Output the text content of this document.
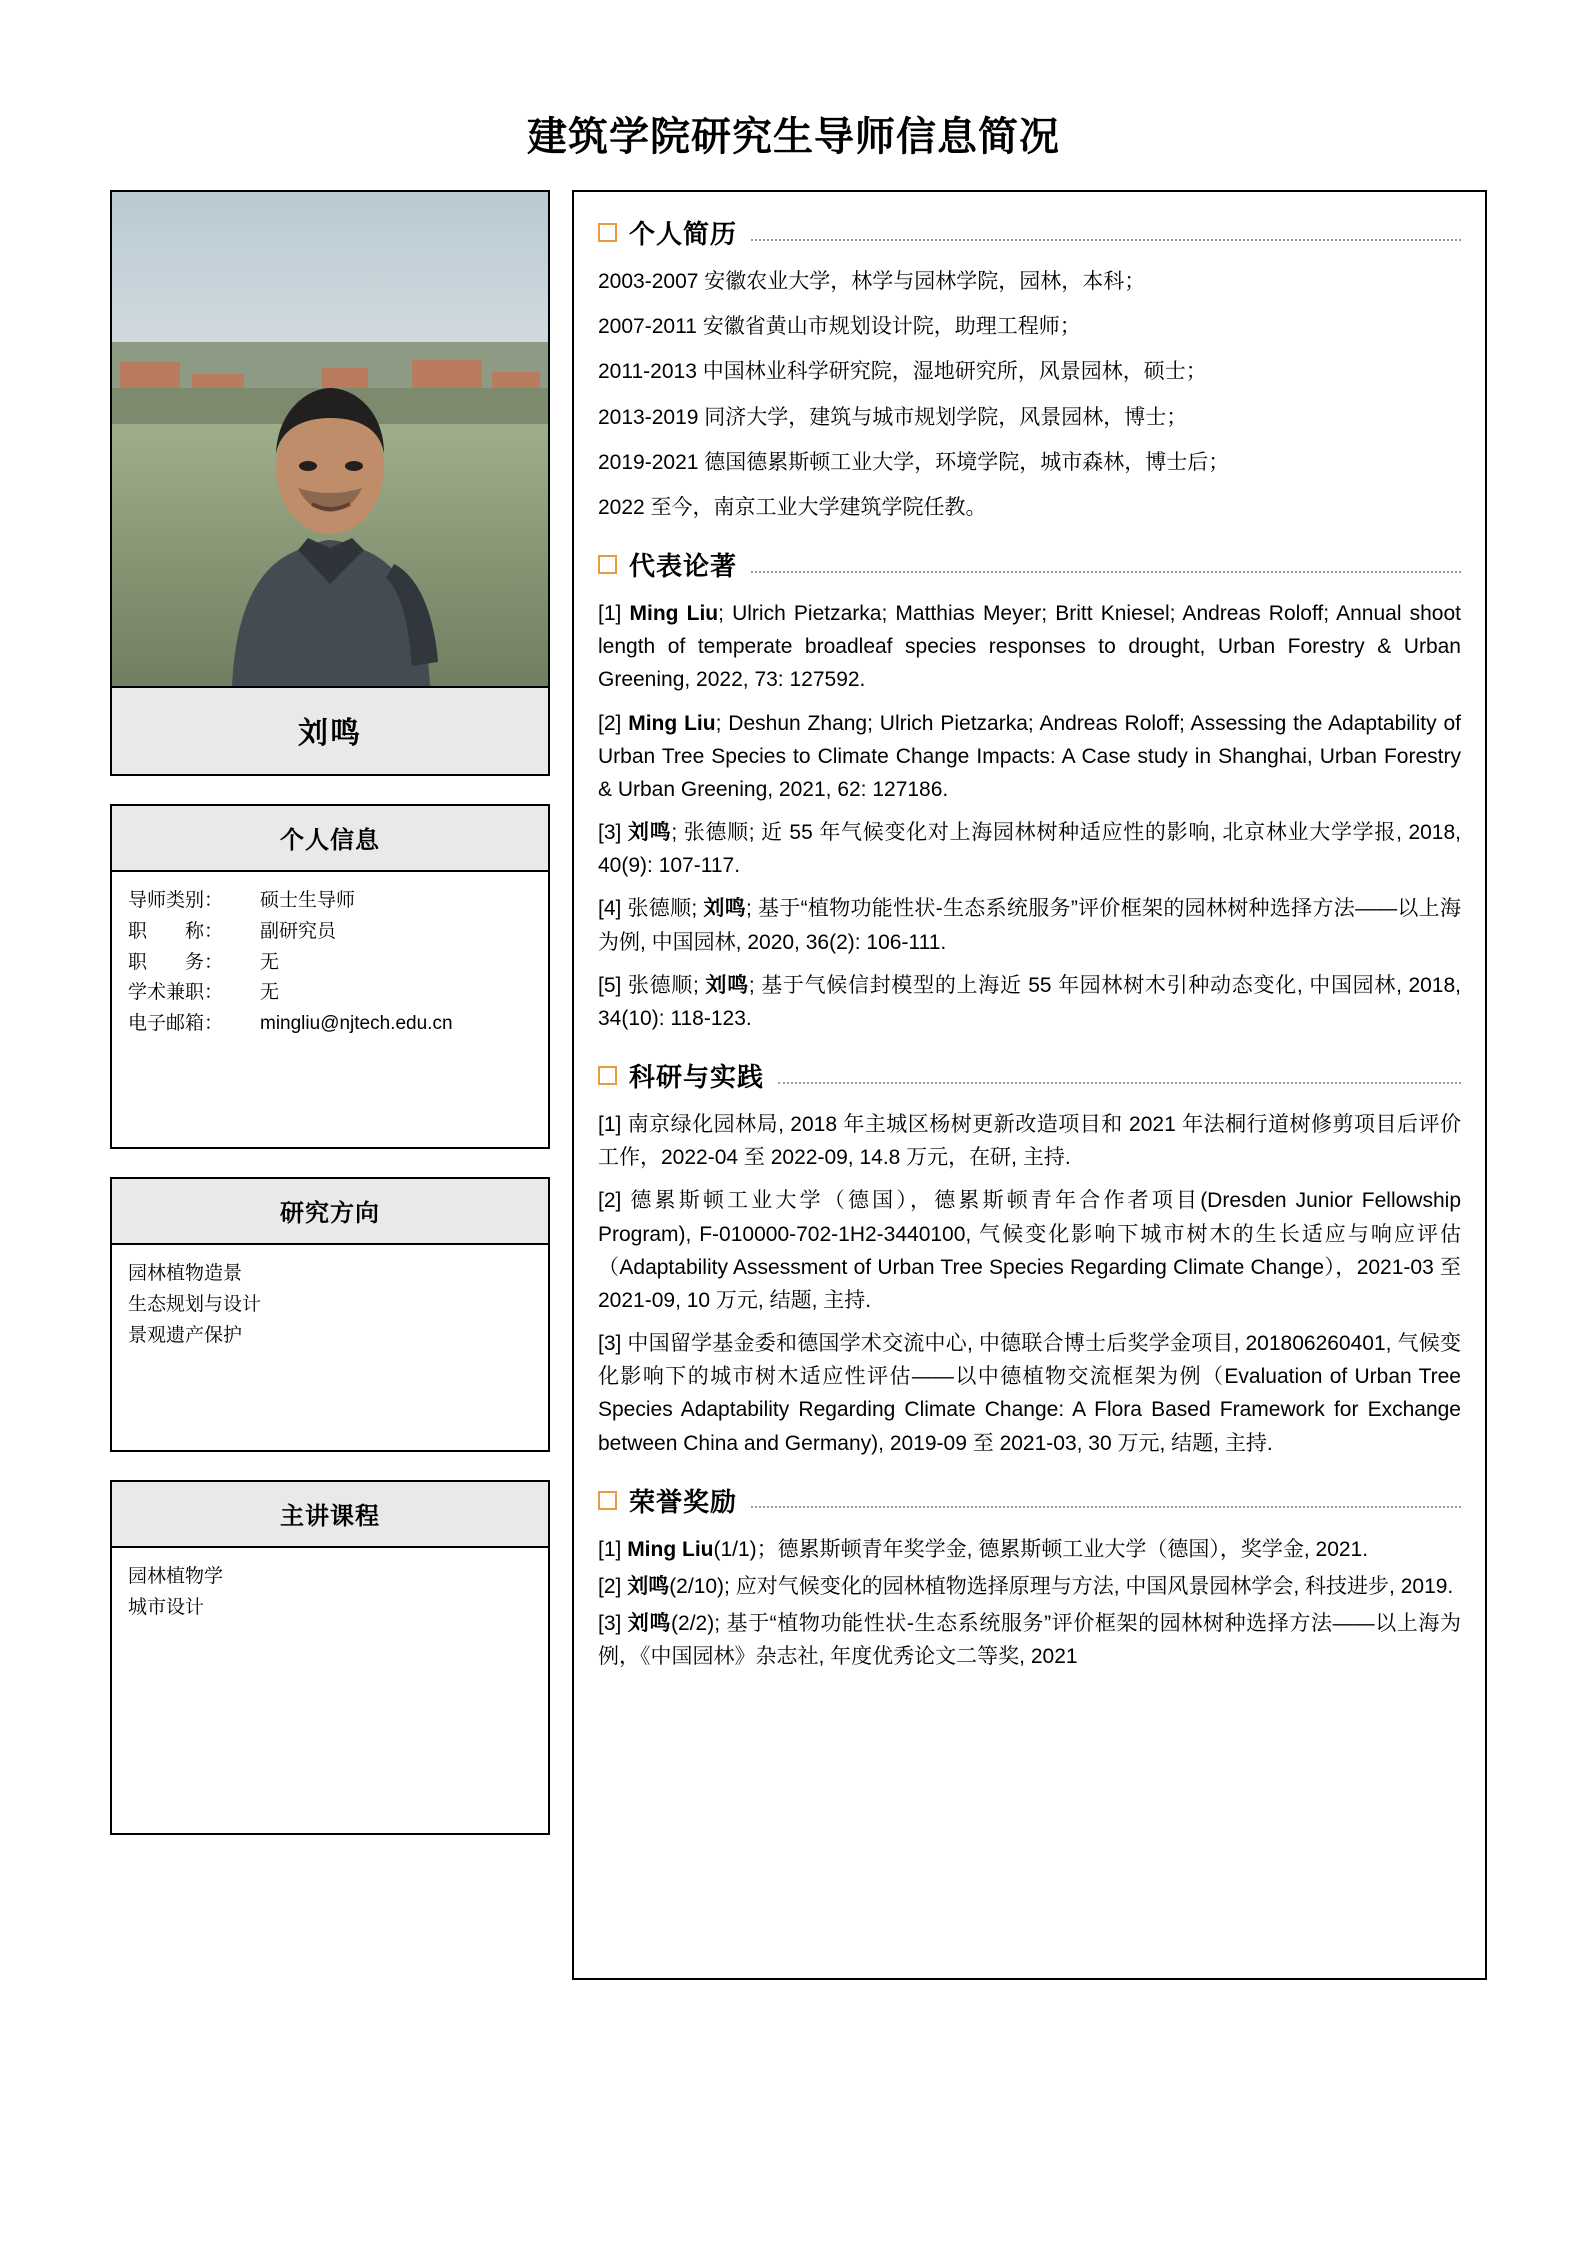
建筑学院研究生导师信息简况
刘鸣
个人信息
导师类别：	硕士生导师
职　　称：	副研究员
职　　务：	无
学术兼职：	无
电子邮箱：	mingliu@njtech.edu.cn
研究方向
园林植物造景
生态规划与设计
景观遗产保护
主讲课程
园林植物学
城市设计
个人简历

2003-2007 安徽农业大学，林学与园林学院，园林，本科；

2007-2011 安徽省黄山市规划设计院，助理工程师；

2011-2013 中国林业科学研究院，湿地研究所，风景园林，硕士；

2013-2019 同济大学，建筑与城市规划学院，风景园林，博士；

2019-2021 德国德累斯顿工业大学，环境学院，城市森林，博士后；

2022 至今，南京工业大学建筑学院任教。

代表论著

[1] Ming Liu; Ulrich Pietzarka; Matthias Meyer; Britt Kniesel; Andreas Roloff; Annual shoot length of temperate broadleaf species responses to drought, Urban Forestry & Urban Greening, 2022, 73: 127592.

[2] Ming Liu; Deshun Zhang; Ulrich Pietzarka; Andreas Roloff; Assessing the Adaptability of Urban Tree Species to Climate Change Impacts: A Case study in Shanghai, Urban Forestry & Urban Greening, 2021, 62: 127186.

[3] 刘鸣; 张德顺; 近 55 年气候变化对上海园林树种适应性的影响, 北京林业大学学报, 2018, 40(9): 107-117.

[4] 张德顺; 刘鸣; 基于“植物功能性状-生态系统服务”评价框架的园林树种选择方法——以上海为例, 中国园林, 2020, 36(2): 106-111.

[5] 张德顺; 刘鸣; 基于气候信封模型的上海近 55 年园林树木引种动态变化, 中国园林, 2018, 34(10): 118-123.

科研与实践

[1] 南京绿化园林局, 2018 年主城区杨树更新改造项目和 2021 年法桐行道树修剪项目后评价工作，2022-04 至 2022-09, 14.8 万元，在研, 主持.

[2] 德累斯顿工业大学（德国），德累斯顿青年合作者项目(Dresden Junior Fellowship Program), F-010000-702-1H2-3440100, 气候变化影响下城市树木的生长适应与响应评估（Adaptability Assessment of Urban Tree Species Regarding Climate Change），2021-03 至 2021-09, 10 万元, 结题, 主持.

[3] 中国留学基金委和德国学术交流中心, 中德联合博士后奖学金项目, 201806260401, 气候变化影响下的城市树木适应性评估——以中德植物交流框架为例（Evaluation of Urban Tree Species Adaptability Regarding Climate Change: A Flora Based Framework for Exchange between China and Germany), 2019-09 至 2021-03, 30 万元, 结题, 主持.

荣誉奖励

[1] Ming Liu(1/1)；德累斯顿青年奖学金, 德累斯顿工业大学（德国），奖学金, 2021.

[2] 刘鸣(2/10); 应对气候变化的园林植物选择原理与方法, 中国风景园林学会, 科技进步, 2019.

[3] 刘鸣(2/2); 基于“植物功能性状-生态系统服务”评价框架的园林树种选择方法——以上海为例，《中国园林》杂志社, 年度优秀论文二等奖, 2021
